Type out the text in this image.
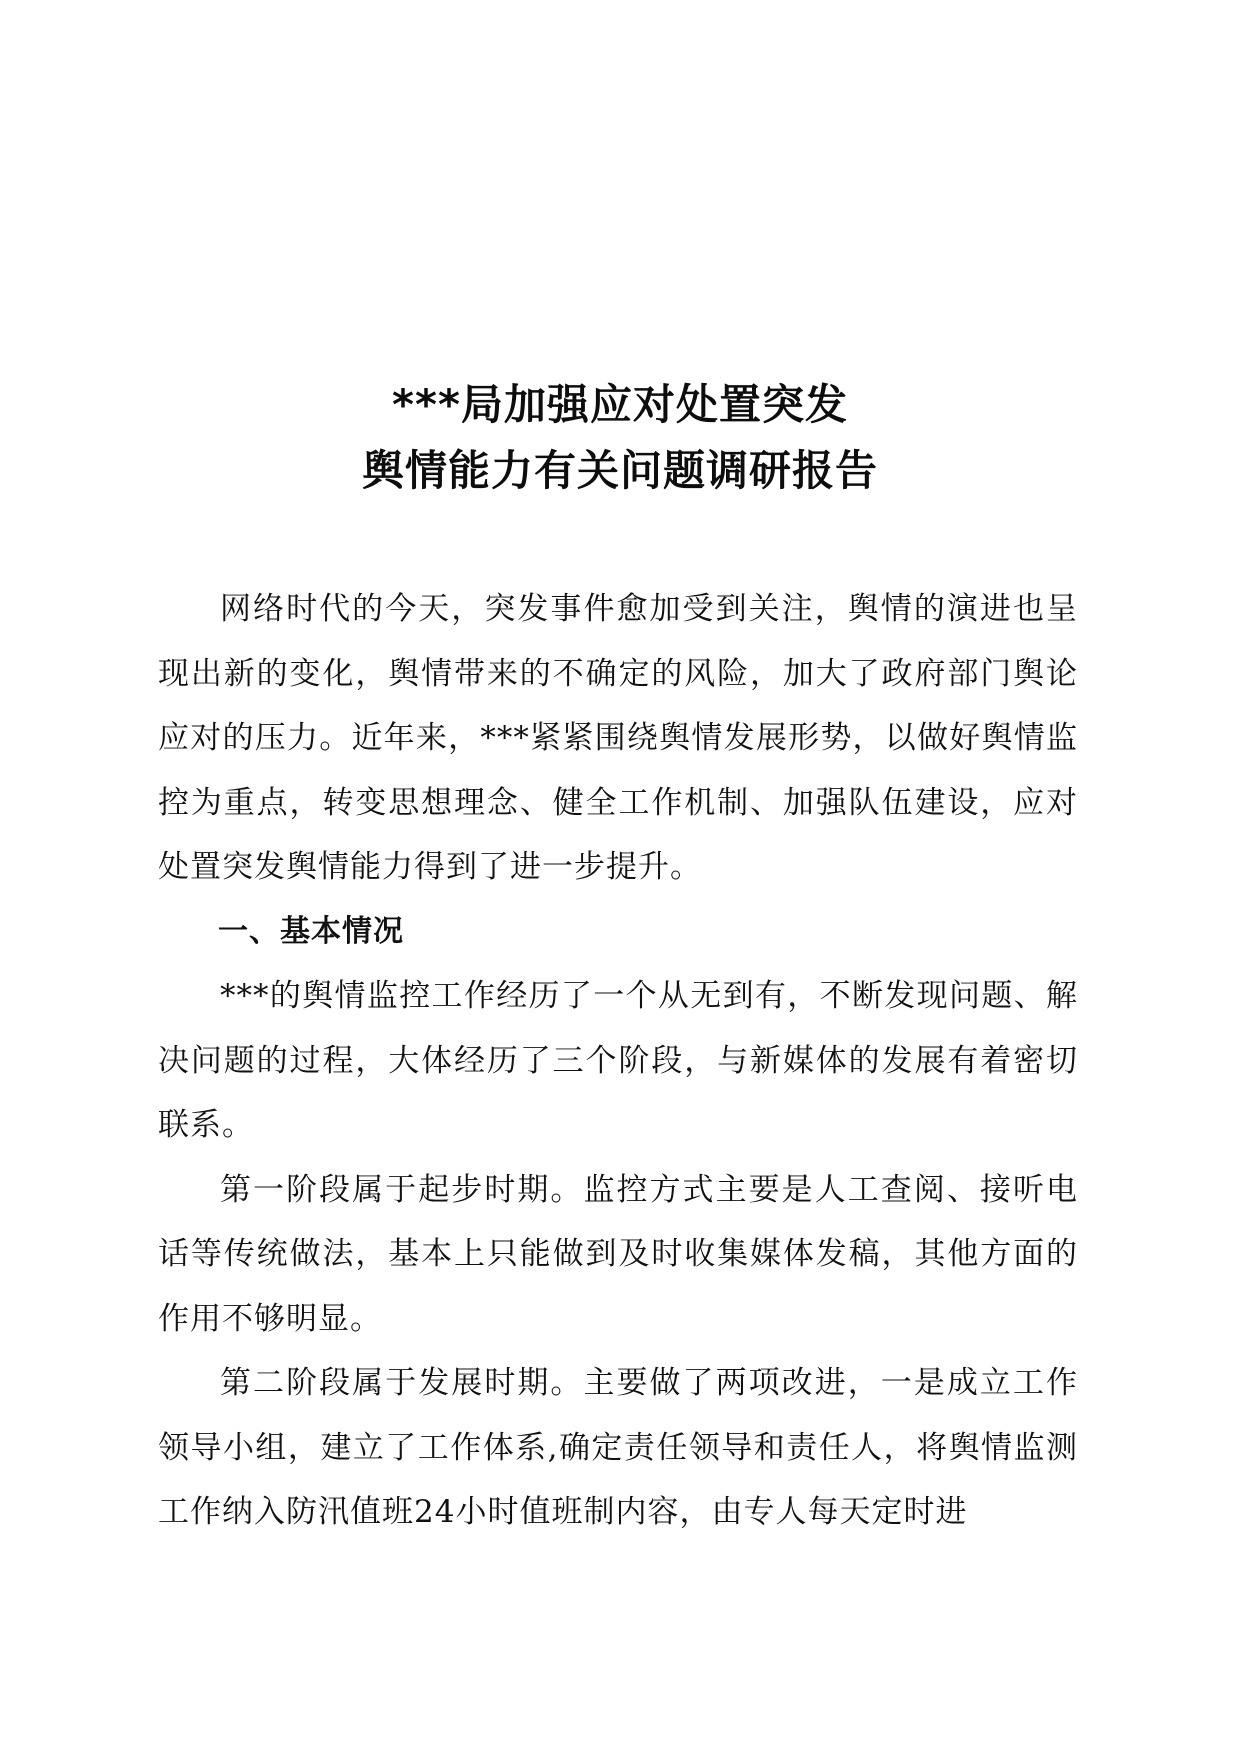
***局加强应对处置突发
舆情能力有关问题调研报告

网络时代的今天，突发事件愈加受到关注，舆情的演进也呈现出新的变化，舆情带来的不确定的风险，加大了政府部门舆论应对的压力。近年来，***紧紧围绕舆情发展形势，以做好舆情监控为重点，转变思想理念、健全工作机制、加强队伍建设，应对处置突发舆情能力得到了进一步提升。

一、基本情况

***的舆情监控工作经历了一个从无到有，不断发现问题、解决问题的过程，大体经历了三个阶段，与新媒体的发展有着密切联系。

第一阶段属于起步时期。监控方式主要是人工查阅、接听电话等传统做法，基本上只能做到及时收集媒体发稿，其他方面的作用不够明显。

第二阶段属于发展时期。主要做了两项改进，一是成立工作领导小组，建立了工作体系,确定责任领导和责任人，将舆情监测工作纳入防汛值班24小时值班制内容，由专人每天定时进
